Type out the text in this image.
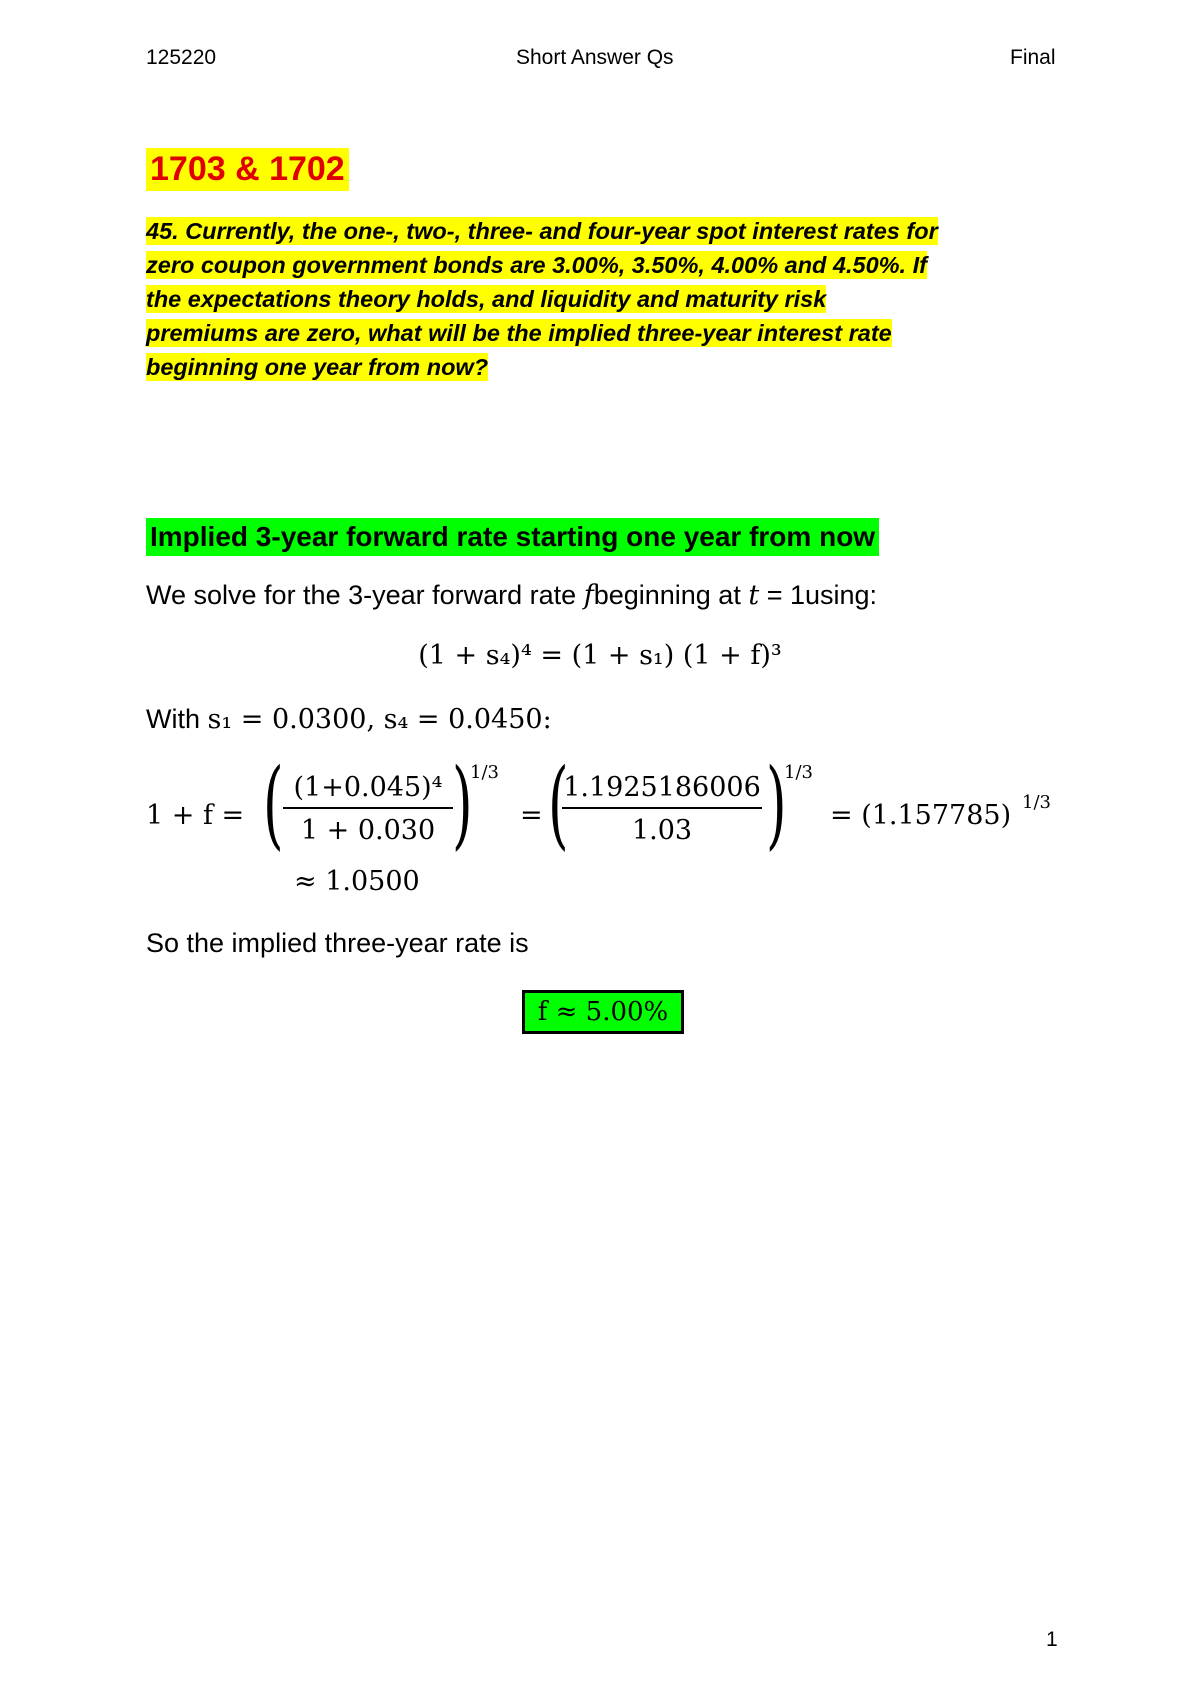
125220	Short Answer Qs	Final
1703 & 1702
45. Currently, the one-, two-, three- and four-year spot interest rates for
zero coupon government bonds are 3.00%, 3.50%, 4.00% and 4.50%. If
the expectations theory holds, and liquidity and maturity risk
premiums are zero, what will be the implied three-year interest rate
beginning one year from now?
Implied 3-year forward rate starting one year from now
We solve for the 3-year forward rate fbeginning at t = 1using:
(1 + s₄)⁴ = (1 + s₁) (1 + f)³
With s₁ = 0.0300, s₄ = 0.0450:
1 + f = ( $\frac{\text{(1+0.045)⁴}}{1 + 0.030}$ )
1/3
= (
$\frac{1.1925186006}{1.03}$ )
1/3
= (1.157785) 1/3
≈ 1.0500
So the implied three-year rate is
f ≈ 5.00%
1
